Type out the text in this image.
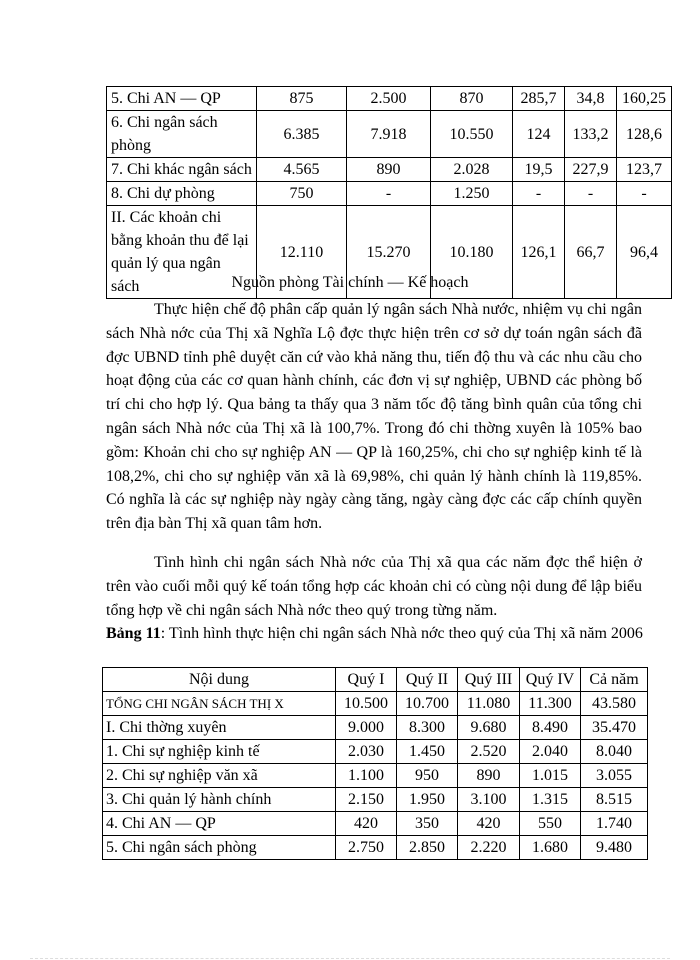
5. Chi AN — QP	875	2.500	870	285,7	34,8	160,25
6. Chi ngân sách phòng	6.385	7.918	10.550	124	133,2	128,6
7. Chi khác ngân sách	4.565	890	2.028	19,5	227,9	123,7
8. Chi dự phòng	750	-	1.250	-	-	-
II. Các khoản chi bằng khoản thu để lại quản lý qua ngân sách	12.110	15.270	10.180	126,1	66,7	96,4
Nguồn phòng Tài chính — Kế hoạch

Thực hiện chế độ phân cấp quản lý ngân sách Nhà nước, nhiệm vụ chi ngân sách Nhà nớc của Thị xã Nghĩa Lộ đợc thực hiện trên cơ sở dự toán ngân sách đã đợc UBND tỉnh phê duyệt căn cứ vào khả năng thu, tiến độ thu và các nhu cầu cho hoạt động của các cơ quan hành chính, các đơn vị sự nghiệp, UBND các phòng bố trí chi cho hợp lý. Qua bảng ta thấy qua 3 năm tốc độ tăng bình quân của tổng chi ngân sách Nhà nớc của Thị xã là 100,7%. Trong đó chi thờng xuyên là 105% bao gồm: Khoản chi cho sự nghiệp AN — QP là 160,25%, chi cho sự nghiệp kinh tế là 108,2%, chi cho sự nghiệp văn xã là 69,98%, chi quản lý hành chính là 119,85%. Có nghĩa là các sự nghiệp này ngày càng tăng, ngày càng đợc các cấp chính quyền trên địa bàn Thị xã quan tâm hơn.

Tình hình chi ngân sách Nhà nớc của Thị xã qua các năm đợc thể hiện ở trên vào cuối mỗi quý kế toán tổng hợp các khoản chi có cùng nội dung để lập biểu tổng hợp về chi ngân sách Nhà nớc theo quý trong từng năm.

Bảng 11: Tình hình thực hiện chi ngân sách Nhà nớc theo quý của Thị xã năm 2006

Nội dung	Quý I	Quý II	Quý III	Quý IV	Cả năm
TỔNG CHI NGÂN SÁCH THỊ X	10.500	10.700	11.080	11.300	43.580
I. Chi thờng xuyên	9.000	8.300	9.680	8.490	35.470
1. Chi sự nghiệp kinh tế	2.030	1.450	2.520	2.040	8.040
2. Chi sự nghiệp văn xã	1.100	950	890	1.015	3.055
3. Chi quản lý hành chính	2.150	1.950	3.100	1.315	8.515
4. Chi AN — QP	420	350	420	550	1.740
5. Chi ngân sách phòng	2.750	2.850	2.220	1.680	9.480
